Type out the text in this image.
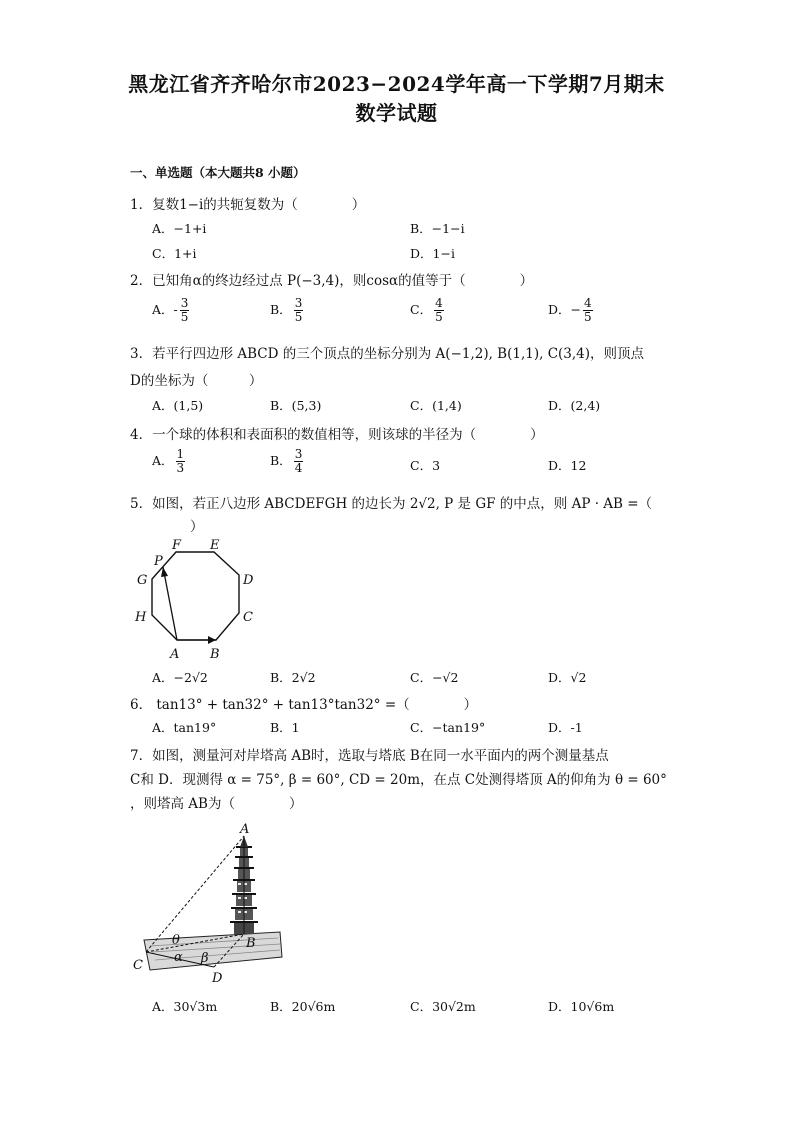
黑龙江省齐齐哈尔市2023−2024学年高一下学期7月期末
数学试题
一、单选题（本大题共8 小题）
1．复数1−i的共轭复数为（　　　　）
A．−1+i	B．−1−i
C．1+i	D．1−i
2．已知角α的终边经过点 P(−3,4)，则cosα的值等于（　　　　）
A．- $\frac{3}{5}$	B． $\frac{3}{5}$	C． $\frac{4}{5}$	D．− $\frac{4}{5}$
3．若平行四边形 ABCD 的三个顶点的坐标分别为 A(−1,2), B(1,1), C(3,4)，则顶点
D的坐标为（　　　）
A．(1,5)	B．(5,3)	C．(1,4)	D．(2,4)
4．一个球的体积和表面积的数值相等，则该球的半径为（　　　　）
A． $\frac{1}{3}$	B． $\frac{3}{4}$	C．3	D．12
5．如图，若正八边形 ABCDEFGH 的边长为 2√2, P 是 GF 的中点，则 AP · AB =（
）
F E
P
G	D
H	C
A B
A．−2√2	B．2√2	C．−√2	D．√2
6． tan13° + tan32° + tan13°tan32° =（　　　　）
A．tan19°	B．1	C．−tan19°	D．-1
7．如图，测量河对岸塔高 AB时，选取与塔底 B在同一水平面内的两个测量基点
C和 D．现测得 α = 75°, β = 60°, CD = 20m，在点 C处测得塔顶 A的仰角为 θ = 60°
，则塔高 AB为（　　　　）
A
θ	B
C
α β
D
A．30√3m	B．20√6m	C．30√2m	D．10√6m
